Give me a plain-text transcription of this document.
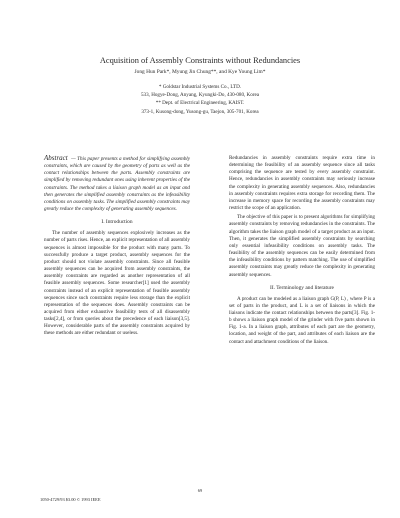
Acquisition of Assembly Constraints without Redundancies
Jong Hun Park*, Myung Jin Chung**, and Kye Young Lim*
* Goldstar Industrial Systems Co., LTD.
533, Hogye-Dong, Anyang, Kyungki-Do, 430-080, Korea
** Dept. of Electrical Engineering, KAIST.
373-1, Kusong-dong, Yusong-gu, Taejon, 305-701, Korea

Abstract — This paper presents a method for simplifying assembly constraints, which are caused by the geometry of parts as well as the contact relationships between the parts. Assembly constraints are simplified by removing redundant ones using inherent properties of the constraints. The method takes a liaison graph model as an input and then generates the simplified assembly constraints as the infeasibility conditions on assembly tasks. The simplified assembly constraints may greatly reduce the complexity of generating assembly sequences.

I. Introduction

The number of assembly sequences explosively increases as the number of parts rises. Hence, an explicit representation of all assembly sequences is almost impossible for the product with many parts. To successfully produce a target product, assembly sequences for the product should not violate assembly constraints. Since all feasible assembly sequences can be acquired from assembly constraints, the assembly constraints are regarded as another representation of all feasible assembly sequences. Some researcher[1] used the assembly constraints instead of an explicit representation of feasible assembly sequences since such constraints require less storage than the explicit representation of the sequences does. Assembly constraints can be acquired from either exhaustive feasibility tests of all disassembly tasks[2,4], or from queries about the precedence of each liaison[3,5]. However, considerable parts of the assembly constraints acquired by these methods are either redundant or useless.

Redundancies in assembly constraints require extra time in determining the feasibility of an assembly sequence since all tasks comprising the sequence are tested by every assembly constraint. Hence, redundancies in assembly constraints may seriously increase the complexity in generating assembly sequences. Also, redundancies in assembly constraints requires extra storage for recording them. The increase in memory space for recording the assembly constraints may restrict the scope of an application.

The objective of this paper is to present algorithms for simplifying assembly constraints by removing redundancies in the constraints. The algorithm takes the liaison graph model of a target product as an input. Then, it generates the simplified assembly constraints by searching only essential infeasibility conditions on assembly tasks. The feasibility of the assembly sequences can be easily determined from the infeasibility conditions by pattern matching. The use of simplified assembly constraints may greatly reduce the complexity in generating assembly sequences.

II. Terminology and literature

A product can be modeled as a liaison graph G(P, L) , where P is a set of parts in the product, and L is a set of liaisons in which the liaisons indicate the contact relationships between the parts[3]. Fig. 1-b shows a liaison graph model of the grinder with five parts shown in Fig. 1-a. In a liaison graph, attributes of each part are the geometry, location, and weight of the part, and attributes of each liaison are the contact and attachment conditions of the liaison.

69
1050-4729/93 $3.00 © 1993 IEEE
